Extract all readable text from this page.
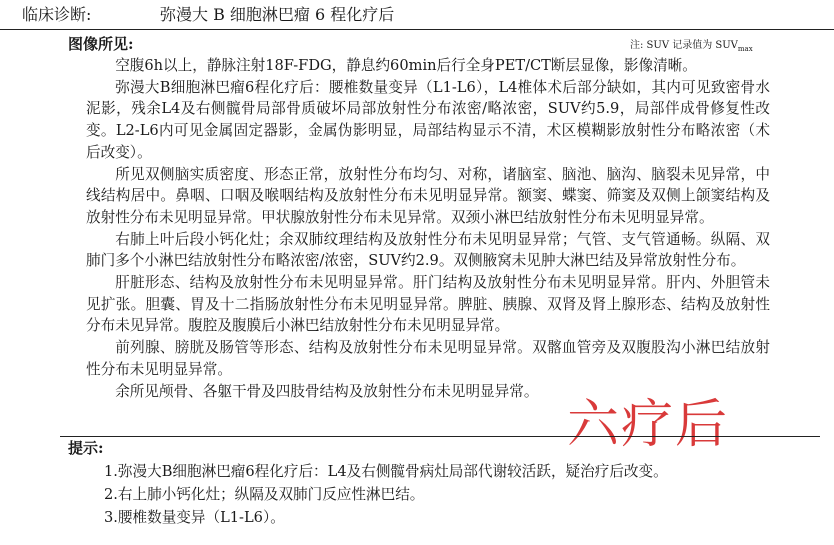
临床诊断:	弥漫大 B 细胞淋巴瘤 6 程化疗后
图像所见:	注: SUV 记录值为 $SUV_{max}$

空腹6h以上，静脉注射18F-FDG，静息约60min后行全身PET/CT断层显像，影像清晰。

弥漫大B细胞淋巴瘤6程化疗后：腰椎数量变异（L1-L6），L4椎体术后部分缺如，其内可见致密骨水泥影，残余L4及右侧髋骨局部骨质破坏局部放射性分布浓密/略浓密，SUV约5.9，局部伴成骨修复性改变。L2-L6内可见金属固定器影，金属伪影明显，局部结构显示不清，术区模糊影放射性分布略浓密（术后改变）。

所见双侧脑实质密度、形态正常，放射性分布均匀、对称，诸脑室、脑池、脑沟、脑裂未见异常，中线结构居中。鼻咽、口咽及喉咽结构及放射性分布未见明显异常。额窦、蝶窦、筛窦及双侧上颌窦结构及放射性分布未见明显异常。甲状腺放射性分布未见异常。双颈小淋巴结放射性分布未见明显异常。

右肺上叶后段小钙化灶；余双肺纹理结构及放射性分布未见明显异常；气管、支气管通畅。纵隔、双肺门多个小淋巴结放射性分布略浓密/浓密，SUV约2.9。双侧腋窝未见肿大淋巴结及异常放射性分布。

肝脏形态、结构及放射性分布未见明显异常。肝门结构及放射性分布未见明显异常。肝内、外胆管未见扩张。胆囊、胃及十二指肠放射性分布未见明显异常。脾脏、胰腺、双肾及肾上腺形态、结构及放射性分布未见异常。腹腔及腹膜后小淋巴结放射性分布未见明显异常。

前列腺、膀胱及肠管等形态、结构及放射性分布未见明显异常。双髂血管旁及双腹股沟小淋巴结放射性分布未见明显异常。

余所见颅骨、各躯干骨及四肢骨结构及放射性分布未见明显异常。

六疗后
提示:
1.弥漫大B细胞淋巴瘤6程化疗后：L4及右侧髋骨病灶局部代谢较活跃，疑治疗后改变。
2.右上肺小钙化灶；纵隔及双肺门反应性淋巴结。
3.腰椎数量变异（L1-L6）。
